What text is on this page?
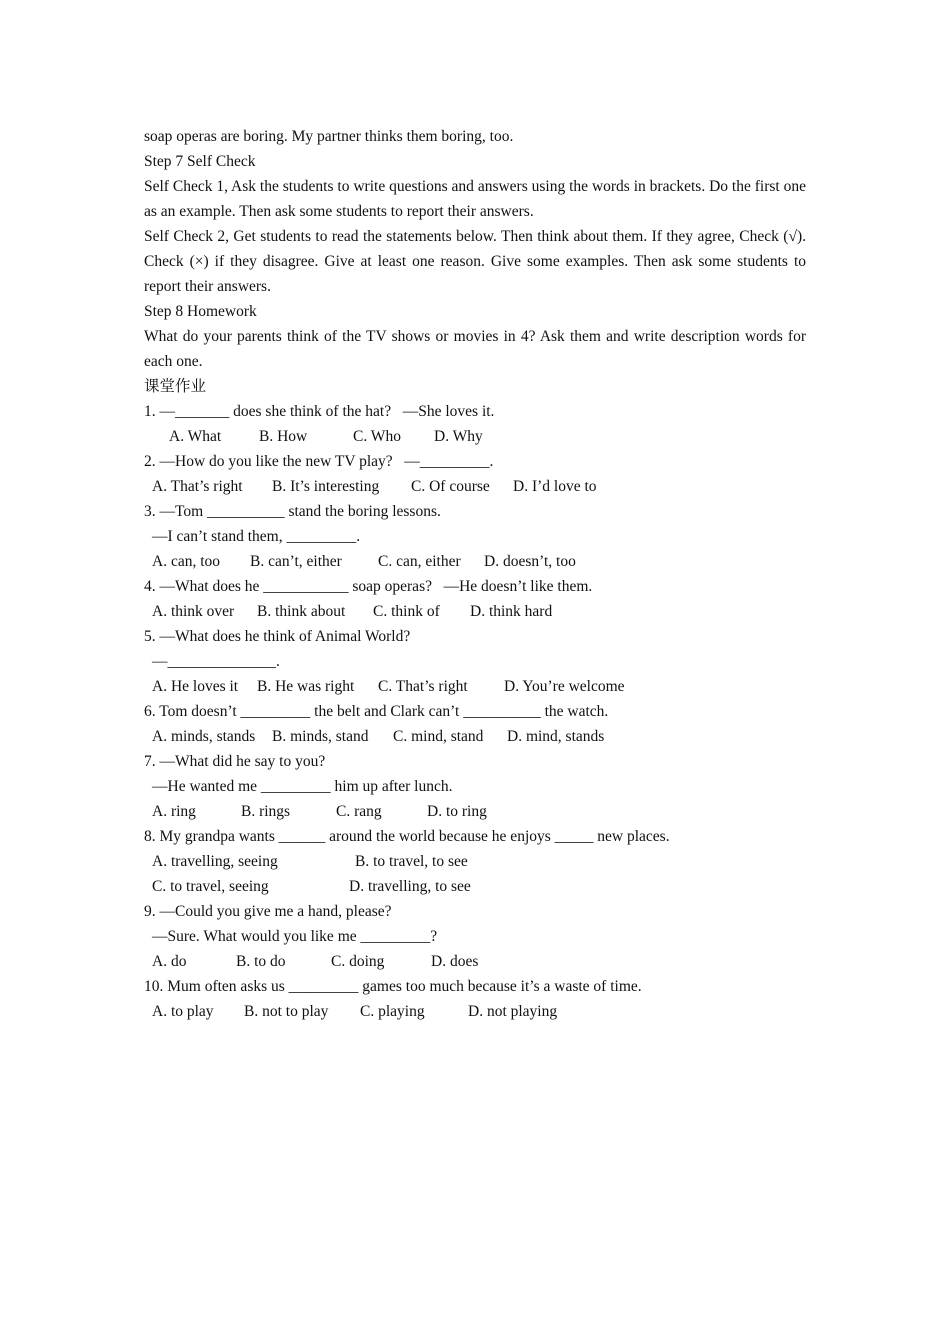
soap operas are boring. My partner thinks them boring, too.
Step 7 Self Check
Self Check 1, Ask the students to write questions and answers using the words in brackets. Do the first one as an example. Then ask some students to report their answers.
Self Check 2, Get students to read the statements below. Then think about them. If they agree, Check (√). Check (×) if they disagree. Give at least one reason. Give some examples. Then ask some students to report their answers.
Step 8 Homework
What do your parents think of the TV shows or movies in 4? Ask them and write description words for each one.
课堂作业
1. —_______ does she think of the hat?   —She loves it.
A. What B. How	C. Who D. Why
2. —How do you like the new TV play?   —_________.
A. That’s right B. It’s interesting C. Of course D. I’d love to
3. —Tom __________ stand the boring lessons.
—I can’t stand them, _________.
A. can, too B. can’t, either C. can, either D. doesn’t, too
4. —What does he ___________ soap operas?   —He doesn’t like them.
A. think over B. think about C. think of D. think hard
5. —What does he think of Animal World?
—______________.
A. He loves it B. He was right C. That’s right D. You’re welcome
6. Tom doesn’t _________ the belt and Clark can’t __________ the watch.
A. minds, stands B. minds, stand C. mind, stand D. mind, stands
7. —What did he say to you?
—He wanted me _________ him up after lunch.
A. ring	B. rings	C. rang	D. to ring
8. My grandpa wants ______ around the world because he enjoys _____ new places.
A. travelling, seeing	B. to travel, to see
C. to travel, seeing	D. travelling, to see
9. —Could you give me a hand, please?
—Sure. What would you like me _________?
A. do	B. to do	C. doing	D. does
10. Mum often asks us _________ games too much because it’s a waste of time.
A. to play B. not to play C. playing	D. not playing
